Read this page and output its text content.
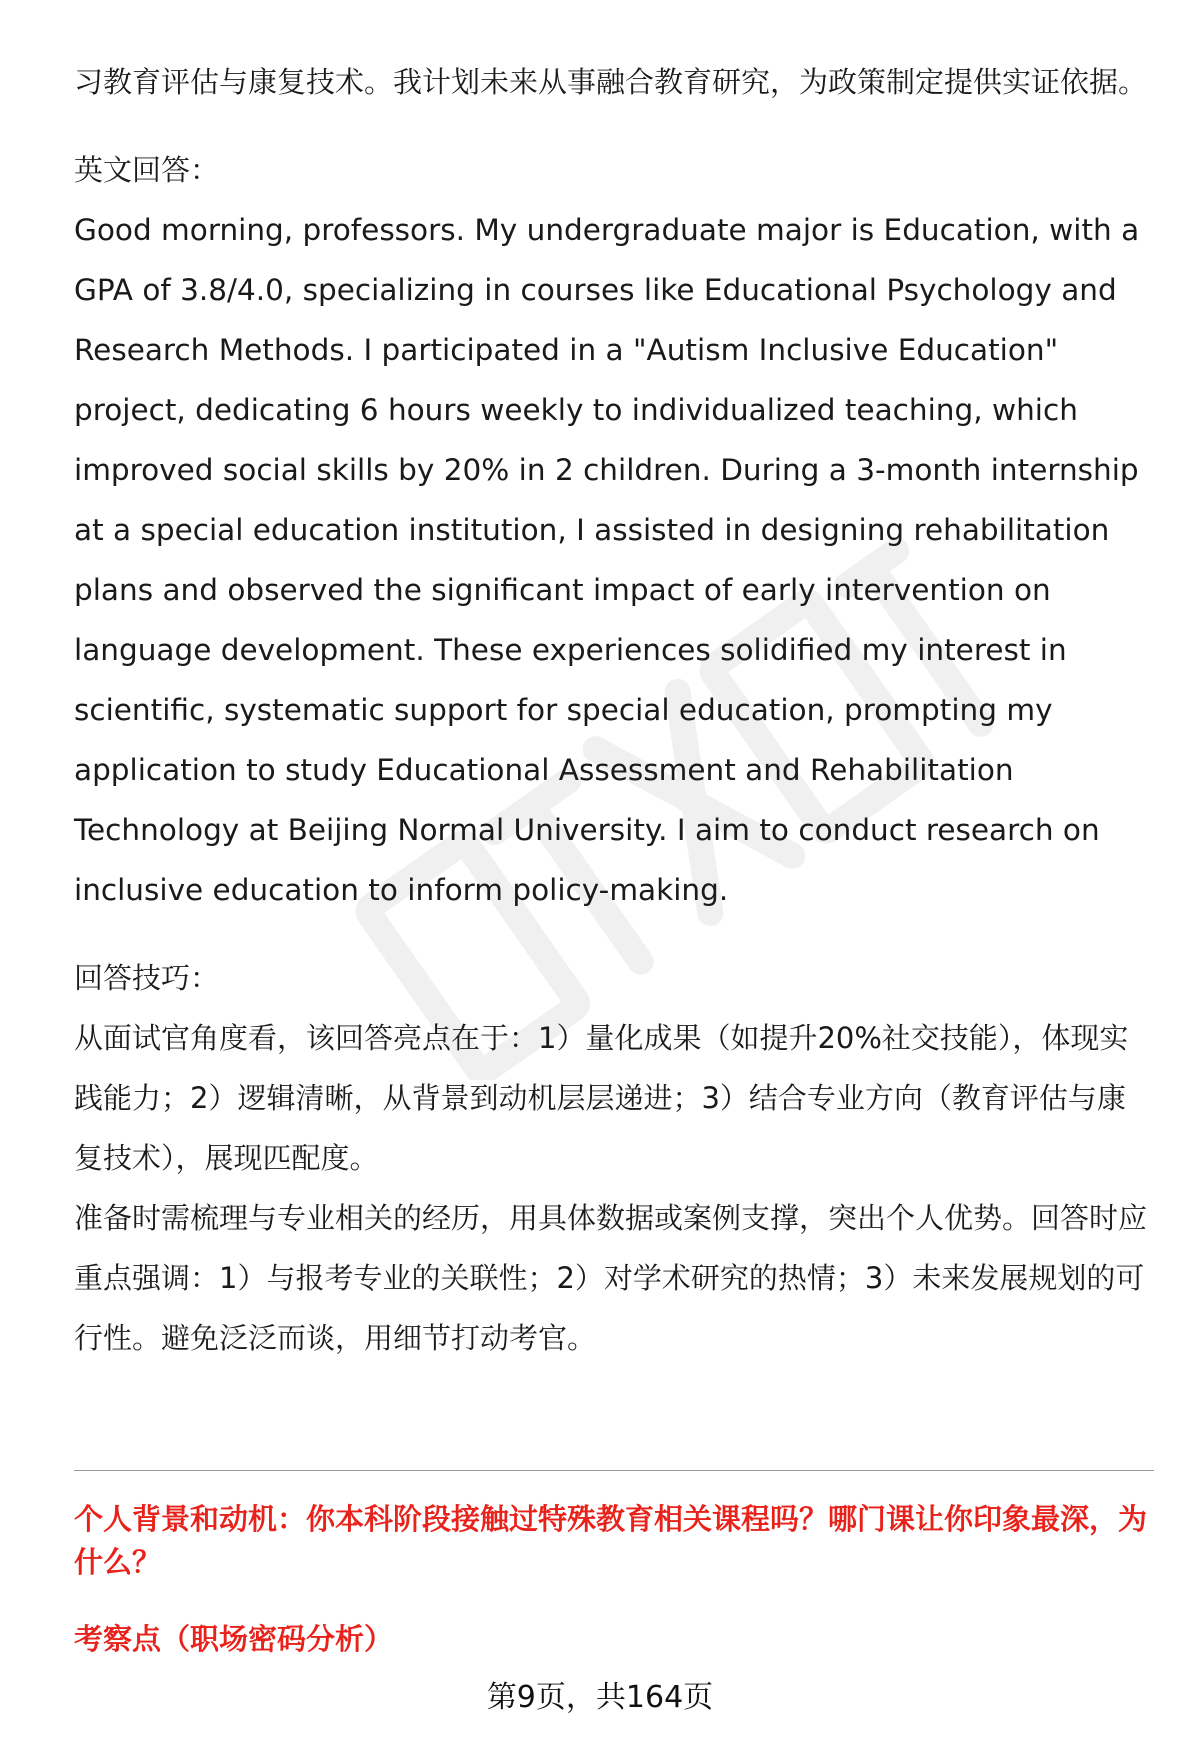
习教育评估与康复技术。我计划未来从事融合教育研究，为政策制定提供实证依据。

英文回答：

Good morning, professors. My undergraduate major is Education, with a GPA of 3.8/4.0, specializing in courses like Educational Psychology and Research Methods. I participated in a "Autism Inclusive Education" project, dedicating 6 hours weekly to individualized teaching, which improved social skills by 20% in 2 children. During a 3-month internship at a special education institution, I assisted in designing rehabilitation plans and observed the significant impact of early intervention on language development. These experiences solidified my interest in scientific, systematic support for special education, prompting my application to study Educational Assessment and Rehabilitation Technology at Beijing Normal University. I aim to conduct research on inclusive education to inform policy-making.

回答技巧：

从面试官角度看，该回答亮点在于：1）量化成果（如提升20%社交技能），体现实践能力；2）逻辑清晰，从背景到动机层层递进；3）结合专业方向（教育评估与康复技术），展现匹配度。

准备时需梳理与专业相关的经历，用具体数据或案例支撑，突出个人优势。回答时应重点强调：1）与报考专业的关联性；2）对学术研究的热情；3）未来发展规划的可行性。避免泛泛而谈，用细节打动考官。

个人背景和动机：你本科阶段接触过特殊教育相关课程吗？哪门课让你印象最深，为什么？

考察点（职场密码分析）

第9页，共164页
